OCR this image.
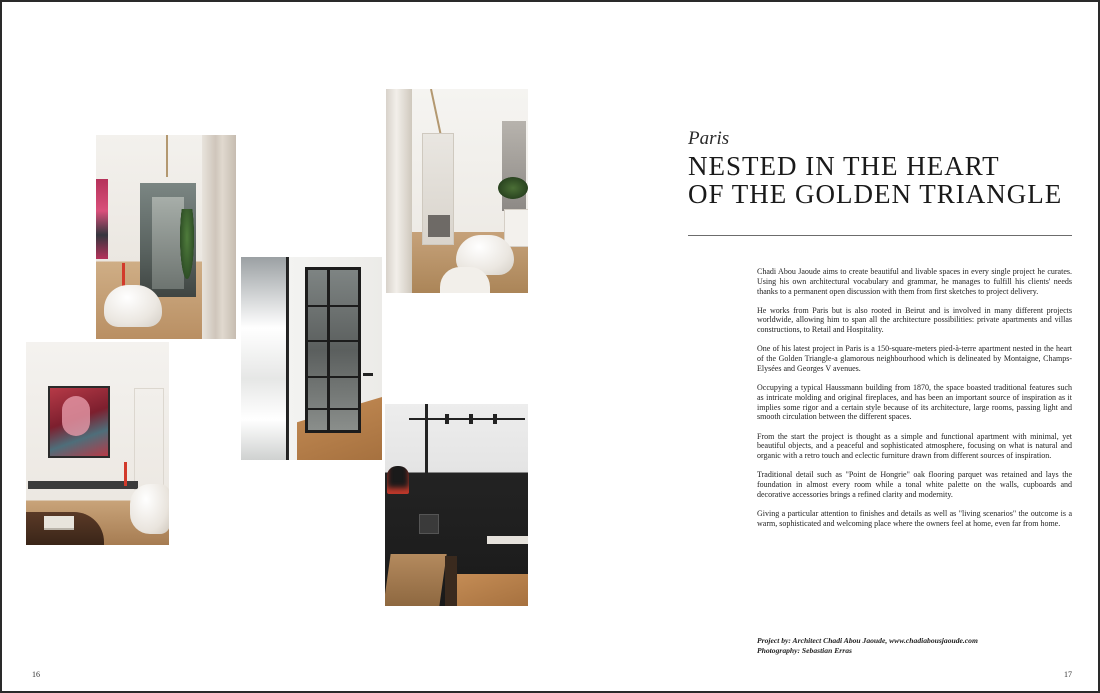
Paris

NESTED IN THE HEART
OF THE GOLDEN TRIANGLE

Chadi Abou Jaoude aims to create beautiful and livable spaces in every single project he curates. Using his own architectural vocabulary and grammar, he manages to fulfill his clients' needs thanks to a permanent open discussion with them from first sketches to project delivery.

He works from Paris but is also rooted in Beirut and is involved in many different projects worldwide, allowing him to span all the architecture possibilities: private apartments and villas constructions, to Retail and Hospitality.

One of his latest project in Paris is a 150-square-meters pied-à-terre apartment nested in the heart of the Golden Triangle-a glamorous neighbourhood which is delineated by Montaigne, Champs-Elysées and Georges V avenues.

Occupying a typical Haussmann building from 1870, the space boasted traditional features such as intricate molding and original fireplaces, and has been an important source of inspiration as it implies some rigor and a certain style because of its architecture, large rooms, passing light and smooth circulation between the different spaces.

From the start the project is thought as a simple and functional apartment with minimal, yet beautiful objects, and a peaceful and sophisticated atmosphere, focusing on what is natural and organic with a retro touch and eclectic furniture drawn from different sources of inspiration.

Traditional detail such as "Point de Hongrie" oak flooring parquet was retained and lays the foundation in almost every room while a tonal white palette on the walls, cupboards and decorative accessories brings a refined clarity and modernity.

Giving a particular attention to finishes and details as well as "living scenarios" the outcome is a warm, sophisticated and welcoming place where the owners feel at home, even far from home.

Project by: Architect Chadi Abou Jaoude, www.chadiabousjaoude.com
Photography: Sebastian Erras
16	17
